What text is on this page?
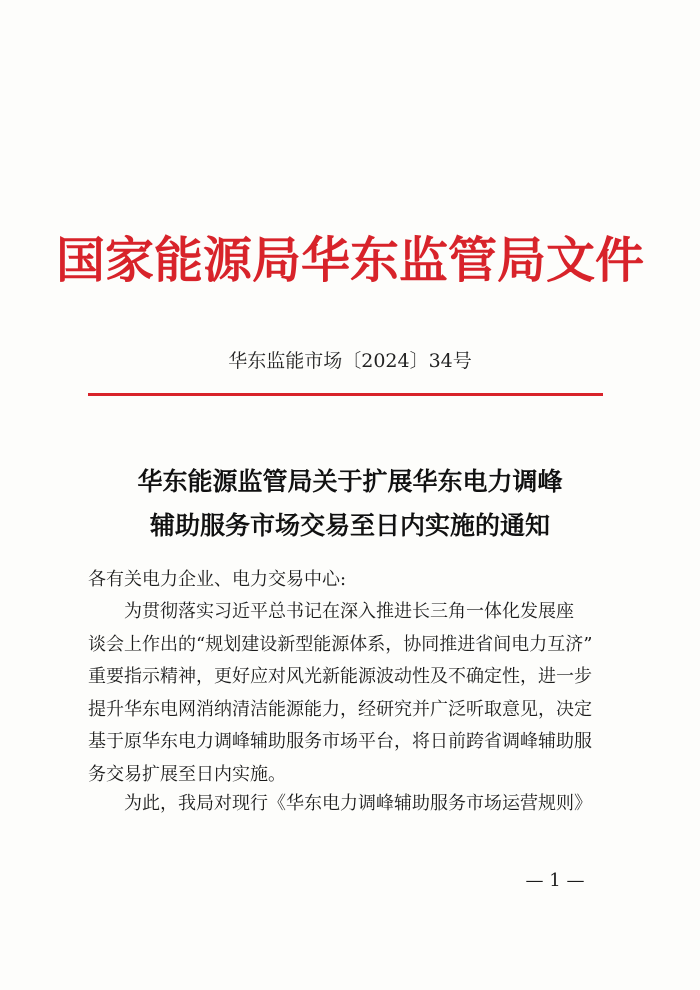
国家能源局华东监管局文件
华东监能市场〔2024〕34号
华东能源监管局关于扩展华东电力调峰
辅助服务市场交易至日内实施的通知
各有关电力企业、电力交易中心:
为贯彻落实习近平总书记在深入推进长三角一体化发展座
谈会上作出的“规划建设新型能源体系，协同推进省间电力互济”
重要指示精神，更好应对风光新能源波动性及不确定性，进一步
提升华东电网消纳清洁能源能力，经研究并广泛听取意见，决定
基于原华东电力调峰辅助服务市场平台，将日前跨省调峰辅助服
务交易扩展至日内实施。
为此，我局对现行《华东电力调峰辅助服务市场运营规则》
— 1 —
